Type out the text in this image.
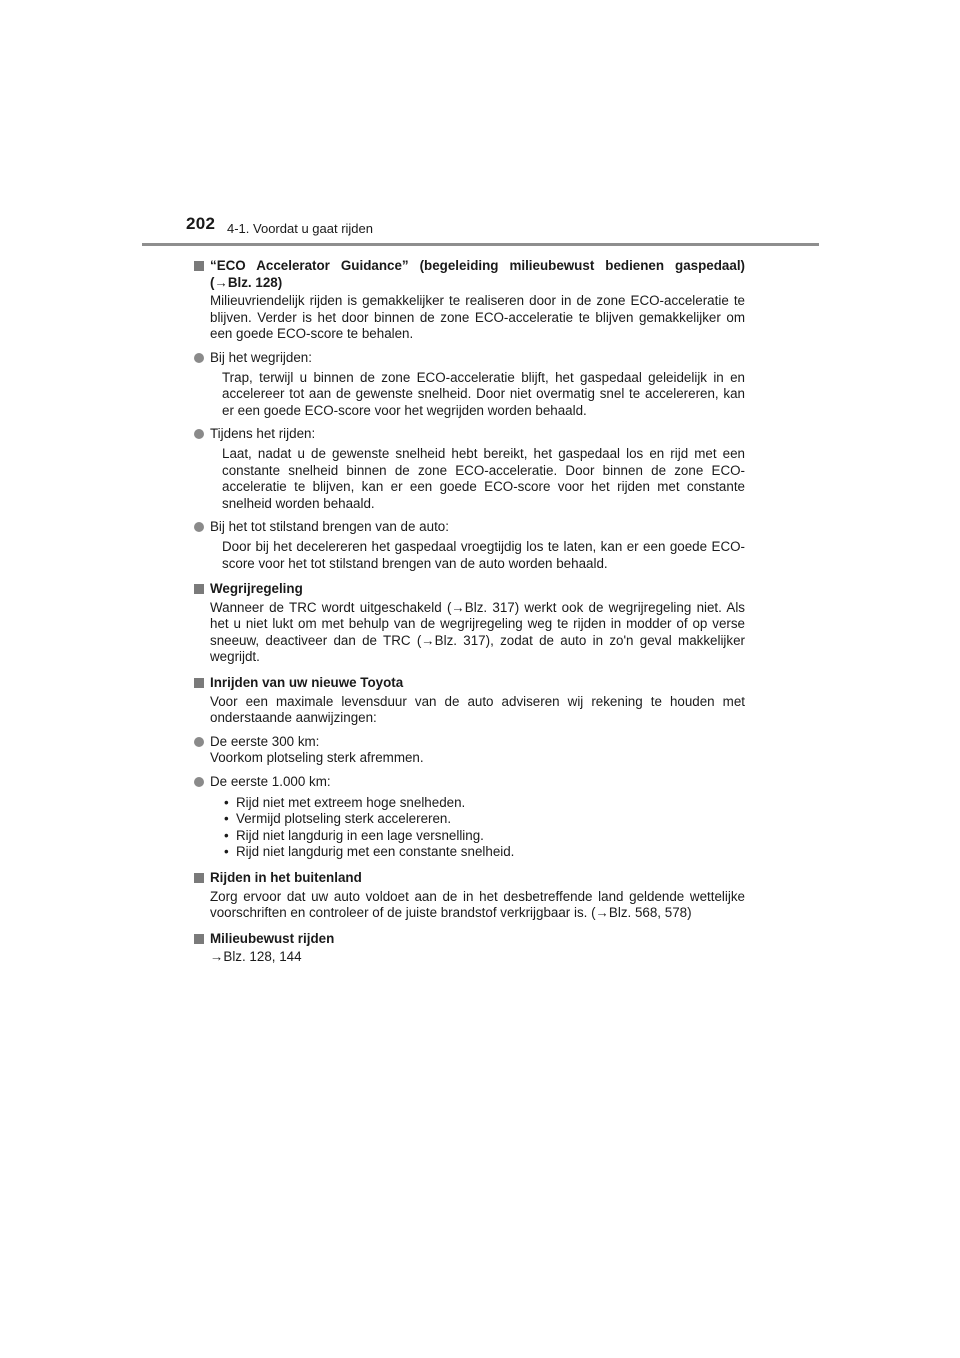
202 4-1. Voordat u gaat rijden
“ECO Accelerator Guidance” (begeleiding milieubewust bedienen gaspedaal) (→Blz. 128)
Milieuvriendelijk rijden is gemakkelijker te realiseren door in de zone ECO-acceleratie te blijven. Verder is het door binnen de zone ECO-acceleratie te blijven gemakkelijker om een goede ECO-score te behalen.
Bij het wegrijden:
Trap, terwijl u binnen de zone ECO-acceleratie blijft, het gaspedaal geleidelijk in en accelereer tot aan de gewenste snelheid. Door niet overmatig snel te accelereren, kan er een goede ECO-score voor het wegrijden worden behaald.
Tijdens het rijden:
Laat, nadat u de gewenste snelheid hebt bereikt, het gaspedaal los en rijd met een constante snelheid binnen de zone ECO-acceleratie. Door binnen de zone ECO-acceleratie te blijven, kan er een goede ECO-score voor het rijden met constante snelheid worden behaald.
Bij het tot stilstand brengen van de auto:
Door bij het decelereren het gaspedaal vroegtijdig los te laten, kan er een goede ECO-score voor het tot stilstand brengen van de auto worden behaald.
Wegrijregeling
Wanneer de TRC wordt uitgeschakeld (→Blz. 317) werkt ook de wegrijregeling niet. Als het u niet lukt om met behulp van de wegrijregeling weg te rijden in modder of op verse sneeuw, deactiveer dan de TRC (→Blz. 317), zodat de auto in zo'n geval makkelijker wegrijdt.
Inrijden van uw nieuwe Toyota
Voor een maximale levensduur van de auto adviseren wij rekening te houden met onderstaande aanwijzingen:
De eerste 300 km:
Voorkom plotseling sterk afremmen.
De eerste 1.000 km:
• Rijd niet met extreem hoge snelheden.
• Vermijd plotseling sterk accelereren.
• Rijd niet langdurig in een lage versnelling.
• Rijd niet langdurig met een constante snelheid.
Rijden in het buitenland
Zorg ervoor dat uw auto voldoet aan de in het desbetreffende land geldende wettelijke voorschriften en controleer of de juiste brandstof verkrijgbaar is. (→Blz. 568, 578)
Milieubewust rijden
→Blz. 128, 144
